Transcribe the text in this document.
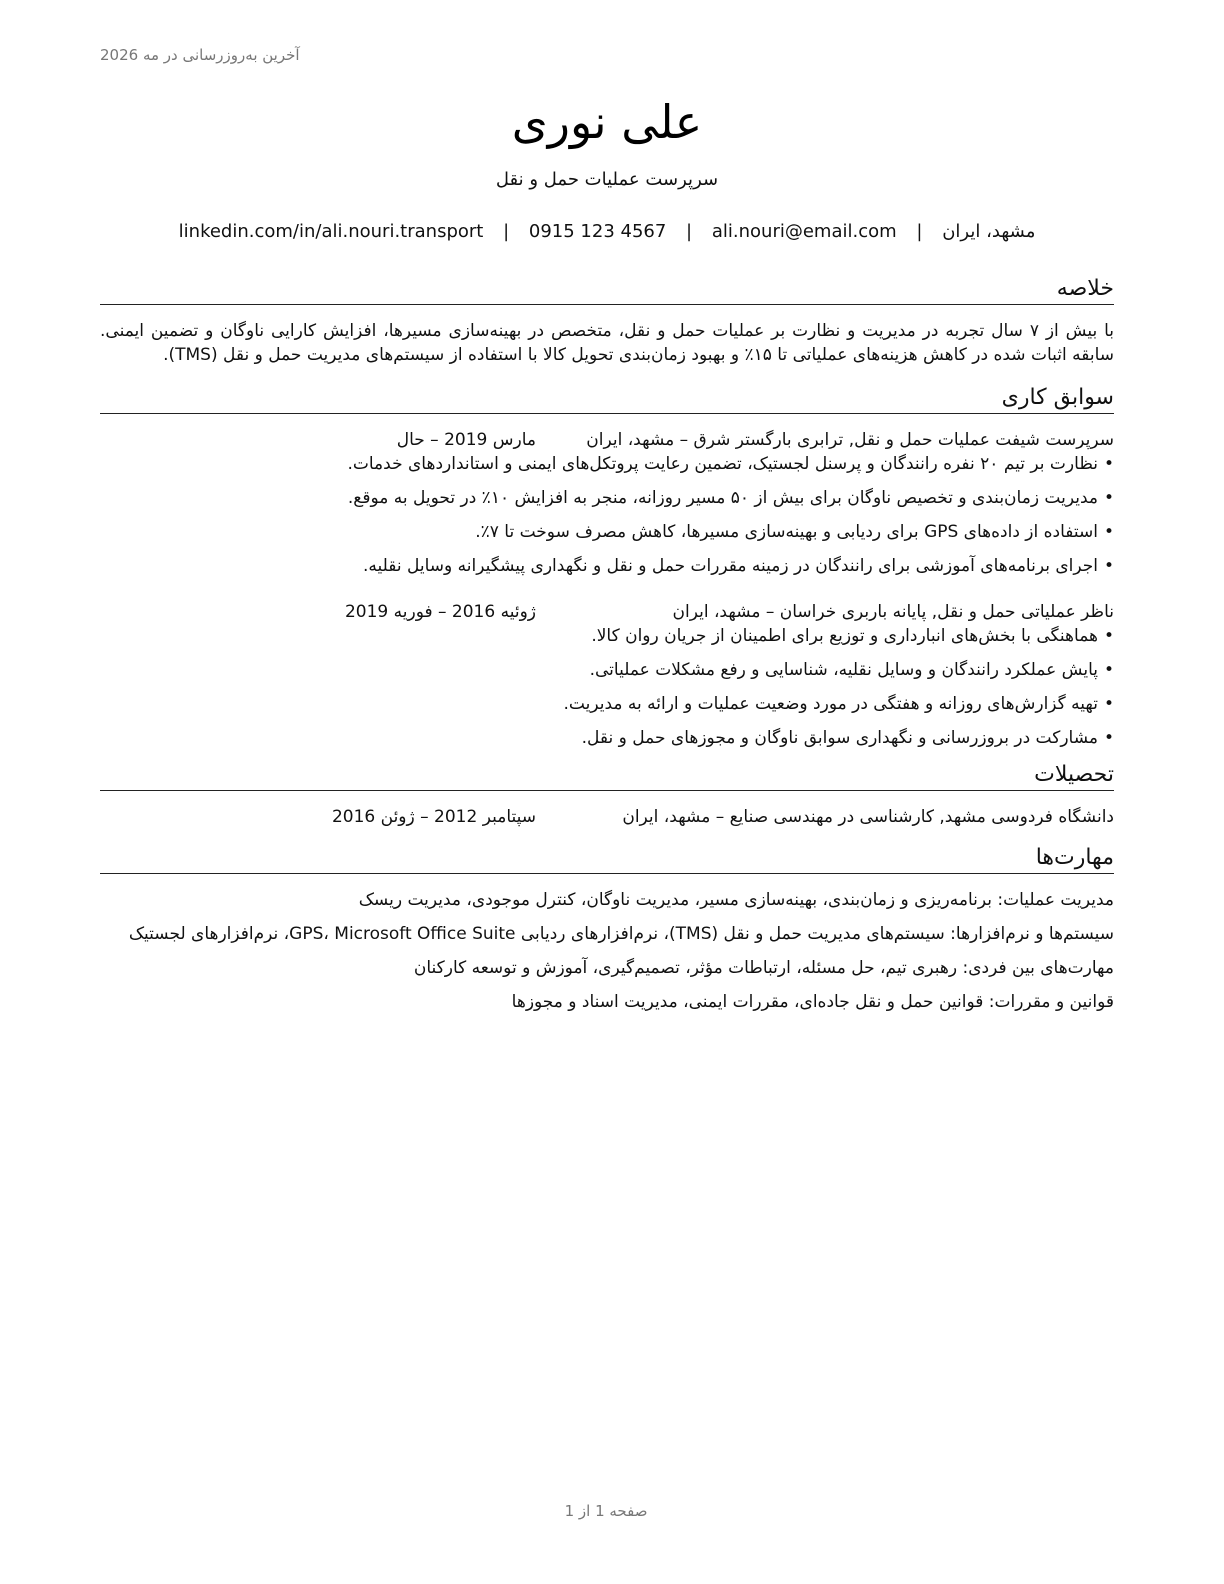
آخرین به‌روزرسانی در مه 2026
علی نوری
سرپرست عملیات حمل و نقل
مشهد، ایران | ali.nouri@email.com | 0915 123 4567 | linkedin.com/in/ali.nouri.transport
خلاصه

با بیش از ۷ سال تجربه در مدیریت و نظارت بر عملیات حمل و نقل، متخصص در بهینه‌سازی مسیرها، افزایش کارایی ناوگان و تضمین ایمنی. سابقه اثبات شده در کاهش هزینه‌های عملیاتی تا ۱۵٪ و بهبود زمان‌بندی تحویل کالا با استفاده از سیستم‌های مدیریت حمل و نقل (TMS).

سوابق کاری
سرپرست شیفت عملیات حمل و نقل, ترابری بارگستر شرق – مشهد، ایران
مارس 2019 – حال
• نظارت بر تیم ۲۰ نفره رانندگان و پرسنل لجستیک، تضمین رعایت پروتکل‌های ایمنی و استانداردهای خدمات.
• مدیریت زمان‌بندی و تخصیص ناوگان برای بیش از ۵۰ مسیر روزانه، منجر به افزایش ۱۰٪ در تحویل به موقع.
• استفاده از داده‌های GPS برای ردیابی و بهینه‌سازی مسیرها، کاهش مصرف سوخت تا ۷٪.
• اجرای برنامه‌های آموزشی برای رانندگان در زمینه مقررات حمل و نقل و نگهداری پیشگیرانه وسایل نقلیه.
ناظر عملیاتی حمل و نقل, پایانه باربری خراسان – مشهد، ایران
ژوئیه 2016 – فوریه 2019
• هماهنگی با بخش‌های انبارداری و توزیع برای اطمینان از جریان روان کالا.
• پایش عملکرد رانندگان و وسایل نقلیه، شناسایی و رفع مشکلات عملیاتی.
• تهیه گزارش‌های روزانه و هفتگی در مورد وضعیت عملیات و ارائه به مدیریت.
• مشارکت در بروزرسانی و نگهداری سوابق ناوگان و مجوزهای حمل و نقل.
تحصیلات
دانشگاه فردوسی مشهد, کارشناسی در مهندسی صنایع – مشهد، ایران
سپتامبر 2012 – ژوئن 2016
مهارت‌ها

مدیریت عملیات: برنامه‌ریزی و زمان‌بندی، بهینه‌سازی مسیر، مدیریت ناوگان، کنترل موجودی، مدیریت ریسک

سیستم‌ها و نرم‌افزارها: سیستم‌های مدیریت حمل و نقل (TMS)، نرم‌افزارهای ردیابی GPS، Microsoft Office Suite، نرم‌افزارهای لجستیک

مهارت‌های بین فردی: رهبری تیم، حل مسئله، ارتباطات مؤثر، تصمیم‌گیری، آموزش و توسعه کارکنان

قوانین و مقررات: قوانین حمل و نقل جاده‌ای، مقررات ایمنی، مدیریت اسناد و مجوزها

صفحه 1 از 1
